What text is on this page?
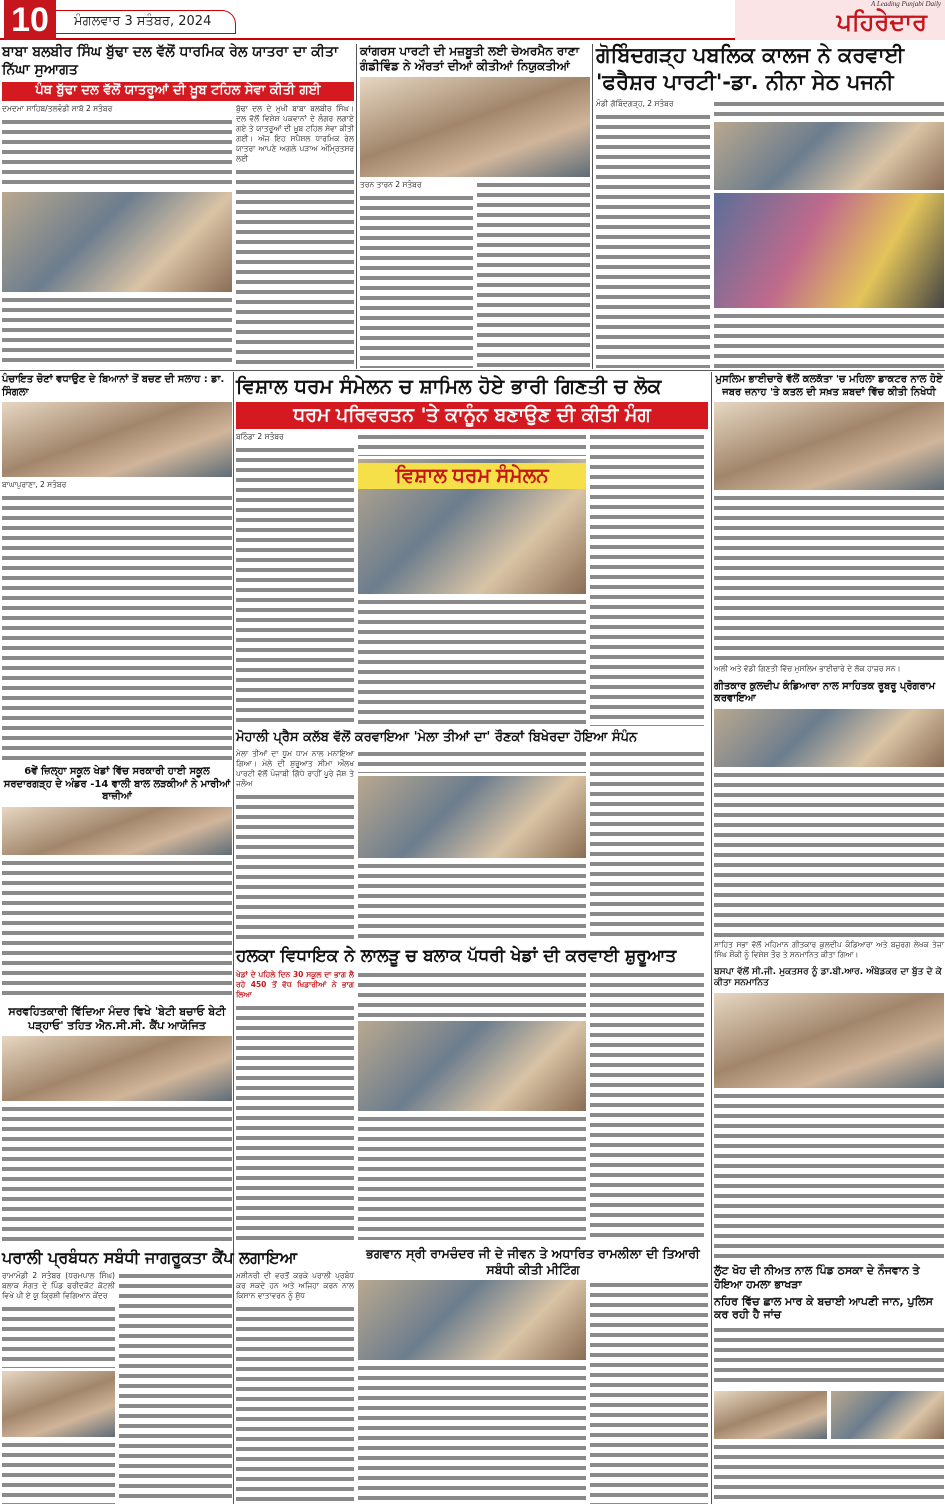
10	ਮੰਗਲਵਾਰ 3 ਸਤੰਬਰ, 2024	ਪਹਿਰੇਦਾਰ
A Leading Punjabi Daily
ਬਾਬਾ ਬਲਬੀਰ ਸਿੰਘ ਬੁੱਢਾ ਦਲ ਵੱਲੋਂ ਧਾਰਮਿਕ ਰੇਲ ਯਾਤਰਾ ਦਾ ਕੀਤਾ ਨਿੱਘਾ ਸੁਆਗਤ
ਪੰਥ ਬੁੱਢਾ ਦਲ ਵੱਲੋਂ ਯਾਤਰੂਆਂ ਦੀ ਖ਼ੂਬ ਟਹਿਲ ਸੇਵਾ ਕੀਤੀ ਗਈ
ਦਮਦਮਾ ਸਾਹਿਬ/ਤਲਵੰਡੀ ਸਾਬੋ 2 ਸਤੰਬਰ	ਬੁੱਢਾ ਦਲ ਦੇ ਮੁਖੀ ਬਾਬਾ ਬਲਬੀਰ ਸਿੰਘ। ਦਲ ਵੱਲੋਂ ਵਿਸ਼ੇਸ਼ ਪਕਵਾਨਾਂ ਦੇ ਲੰਗਰ ਲਗਾਏ ਗਏ ਤੇ ਯਾਤਰੂਆਂ ਦੀ ਖ਼ੂਬ ਟਹਿਲ ਸੇਵਾ ਕੀਤੀ ਗਈ। ਅੱਜ ਇਹ ਸਪੈਸ਼ਲ ਧਾਰਮਿਕ ਰੇਲ ਯਾਤਰਾ ਆਪਣੇ ਅਗਲੇ ਪੜਾਅ ਅੰਮ੍ਰਿਤਸਰ ਲਈ
ਕਾਂਗਰਸ ਪਾਰਟੀ ਦੀ ਮਜ਼ਬੂਤੀ ਲਈ ਚੇਅਰਮੈਨ ਰਾਣਾ ਗੰਡੀਵਿੰਡ ਨੇ ਔਰਤਾਂ ਦੀਆਂ ਕੀਤੀਆਂ ਨਿਯੁਕਤੀਆਂ
ਤਰਨ ਤਾਰਨ 2 ਸਤੰਬਰ
ਗੋਬਿੰਦਗੜ੍ਹ ਪਬਲਿਕ ਕਾਲਜ ਨੇ ਕਰਵਾਈ 'ਫਰੈਸ਼ਰ ਪਾਰਟੀ'-ਡਾ. ਨੀਨਾ ਸੇਠ ਪਜਨੀ
ਮੰਡੀ ਗੋਬਿੰਦਗੜ੍ਹ, 2 ਸਤੰਬਰ
ਪੰਚਾਇਤ ਚੋਣਾਂ ਵਧਾਉਣ ਦੇ ਬਿਆਨਾਂ ਤੋਂ ਬਚਣ ਦੀ ਸਲਾਹ : ਡਾ. ਸਿੰਗਲਾ
ਬਾਘਾਪੁਰਾਣਾ, 2 ਸਤੰਬਰ
6ਵੇਂ ਜ਼ਿਲ੍ਹਾ ਸਕੂਲ ਖੇਡਾਂ ਵਿੱਚ ਸਰਕਾਰੀ ਹਾਈ ਸਕੂਲ ਸਰਦਾਰਗੜ੍ਹ ਦੇ ਅੰਡਰ -14 ਵਾਲੀ ਬਾਲ ਲੜਕੀਆਂ ਨੇ ਮਾਰੀਆਂ ਬਾਜ਼ੀਆਂ
ਸਰਵਹਿਤਕਾਰੀ ਵਿੱਦਿਆ ਮੰਦਰ ਵਿਖੇ 'ਬੇਟੀ ਬਚਾਓ ਬੇਟੀ ਪੜ੍ਹਾਓ' ਤਹਿਤ ਐਨ.ਸੀ.ਸੀ. ਕੈਂਪ ਆਯੋਜਿਤ
ਵਿਸ਼ਾਲ ਧਰਮ ਸੰਮੇਲਨ ਚ ਸ਼ਾਮਿਲ ਹੋਏ ਭਾਰੀ ਗਿਣਤੀ ਚ ਲੋਕ
ਧਰਮ ਪਰਿਵਰਤਨ 'ਤੇ ਕਾਨੂੰਨ ਬਣਾਉਣ ਦੀ ਕੀਤੀ ਮੰਗ
ਬਠਿੰਡਾ 2 ਸਤੰਬਰ
ਵਿਸ਼ਾਲ ਧਰਮ ਸੰਮੇਲਨ
ਮੋਹਾਲੀ ਪ੍ਰੈਸ ਕਲੱਬ ਵੱਲੋਂ ਕਰਵਾਇਆ 'ਮੇਲਾ ਤੀਆਂ ਦਾ' ਰੌਣਕਾਂ ਬਿਖੇਰਦਾ ਹੋਇਆ ਸੰਪੰਨ
ਮੇਲਾ ਤੀਆਂ ਦਾ ਧੂਮ ਧਾਮ ਨਾਲ ਮਨਾਇਆ ਗਿਆ। ਮੇਲੇ ਦੀ ਸ਼ੁਰੂਆਤ ਸੀਮਾ ਔਲਖ ਪਾਰਟੀ ਵੱਲੋਂ ਪੰਜਾਬੀ ਗਿੱਧੇ ਰਾਹੀਂ ਪੂਰੇ ਜੋਸ਼ ਤੇ ਜਲੌਅ
ਹਲਕਾ ਵਿਧਾਇਕ ਨੇ ਲਾਲੜੂ ਚ ਬਲਾਕ ਪੱਧਰੀ ਖੇਡਾਂ ਦੀ ਕਰਵਾਈ ਸ਼ੁਰੂਆਤ
ਖੇਡਾਂ ਦੇ ਪਹਿਲੇ ਦਿਨ 30 ਸਕੂਲ ਦਾ ਭਾਗ ਲੈ ਰਹੇ 450 ਤੋਂ ਵੱਧ ਖਿਡਾਰੀਆਂ ਨੇ ਭਾਗ ਲਿਆ
ਮੁਸਲਿਮ ਭਾਈਚਾਰੇ ਵੱਲੋਂ ਕਲਕੱਤਾ 'ਚ ਮਹਿਲਾ ਡਾਕਟਰ ਨਾਲ ਹੋਏ ਜਬਰ ਜ਼ਨਾਹ 'ਤੇ ਕਤਲ ਦੀ ਸਖ਼ਤ ਸ਼ਬਦਾਂ ਵਿੱਚ ਕੀਤੀ ਨਿਖੇਧੀ
ਅਲੀ ਅਤੇ ਵੱਡੀ ਗਿਣਤੀ ਵਿੱਚ ਮੁਸਲਿਮ ਭਾਈਚਾਰੇ ਦੇ ਲੋਕ ਹਾਜ਼ਰ ਸਨ।
ਗੀਤਕਾਰ ਕੁਲਦੀਪ ਕੰਡਿਆਰਾ ਨਾਲ ਸਾਹਿਤਕ ਰੂਬਰੂ ਪ੍ਰੋਗਰਾਮ ਕਰਵਾਇਆ
ਸਾਹਿਤ ਸਭਾ ਵੱਲੋਂ ਮਹਿਮਾਨ ਗੀਤਕਾਰ ਕੁਲਦੀਪ ਕੰਡਿਆਰਾ ਅਤੇ ਬਜ਼ੁਰਗ ਲੇਖਕ ਤੇਜਾ ਸਿੰਘ ਸ਼ੌਕੀ ਨੂੰ ਵਿਸ਼ੇਸ਼ ਤੌਰ ਤੇ ਸਨਮਾਨਿਤ ਕੀਤਾ ਗਿਆ।
ਬਸਪਾ ਵੱਲੋਂ ਸੀ.ਜੀ. ਮੁਕਤਸਰ ਨੂੰ ਡਾ.ਬੀ.ਆਰ. ਅੰਬੇਡਕਰ ਦਾ ਬੁੱਤ ਦੇ ਕੇ ਕੀਤਾ ਸਨਮਾਨਿਤ
ਪਰਾਲੀ ਪ੍ਰਬੰਧਨ ਸਬੰਧੀ ਜਾਗਰੂਕਤਾ ਕੈਂਪ ਲਗਾਇਆ
ਰਾਮਾਮੰਡੀ 2 ਸਤੰਬਰ (ਧਰਮਪਾਲ ਸਿੰਘ) ਬਲਾਕ ਸੰਗਤ ਦੇ ਪਿੰਡ ਫਰੀਦਕੋਟ ਕੋਟਲੀ ਵਿਖੇ ਪੀ ਏ ਯੂ ਕ੍ਰਿਸ਼ੀ ਵਿਗਿਆਨ ਕੇਂਦਰ
ਮਸ਼ੀਨਰੀ ਦੀ ਵਰਤੋਂ ਕਰਕੇ ਪਰਾਲੀ ਪ੍ਰਬੰਧ ਕਰ ਸਕਦੇ ਹਨ ਅਤੇ ਅਜਿਹਾ ਕਰਨ ਨਾਲ ਕਿਸਾਨ ਵਾਤਾਵਰਨ ਨੂੰ ਸ਼ੁੱਧ
ਭਗਵਾਨ ਸ੍ਰੀ ਰਾਮਚੰਦਰ ਜੀ ਦੇ ਜੀਵਨ ਤੇ ਅਧਾਰਿਤ ਰਾਮਲੀਲਾ ਦੀ ਤਿਆਰੀ ਸਬੰਧੀ ਕੀਤੀ ਮੀਟਿੰਗ	ਲੁੱਟ ਖੋਹ ਦੀ ਨੀਅਤ ਨਾਲ ਪਿੰਡ ਠਸਕਾ ਦੇ ਨੌਜਵਾਨ ਤੇ ਹੋਇਆ ਹਮਲਾ ਭਾਖੜਾ
ਨਹਿਰ ਵਿੱਚ ਛਾਲ ਮਾਰ ਕੇ ਬਚਾਈ ਆਪਣੀ ਜਾਨ, ਪੁਲਿਸ ਕਰ ਰਹੀ ਹੈ ਜਾਂਚ
